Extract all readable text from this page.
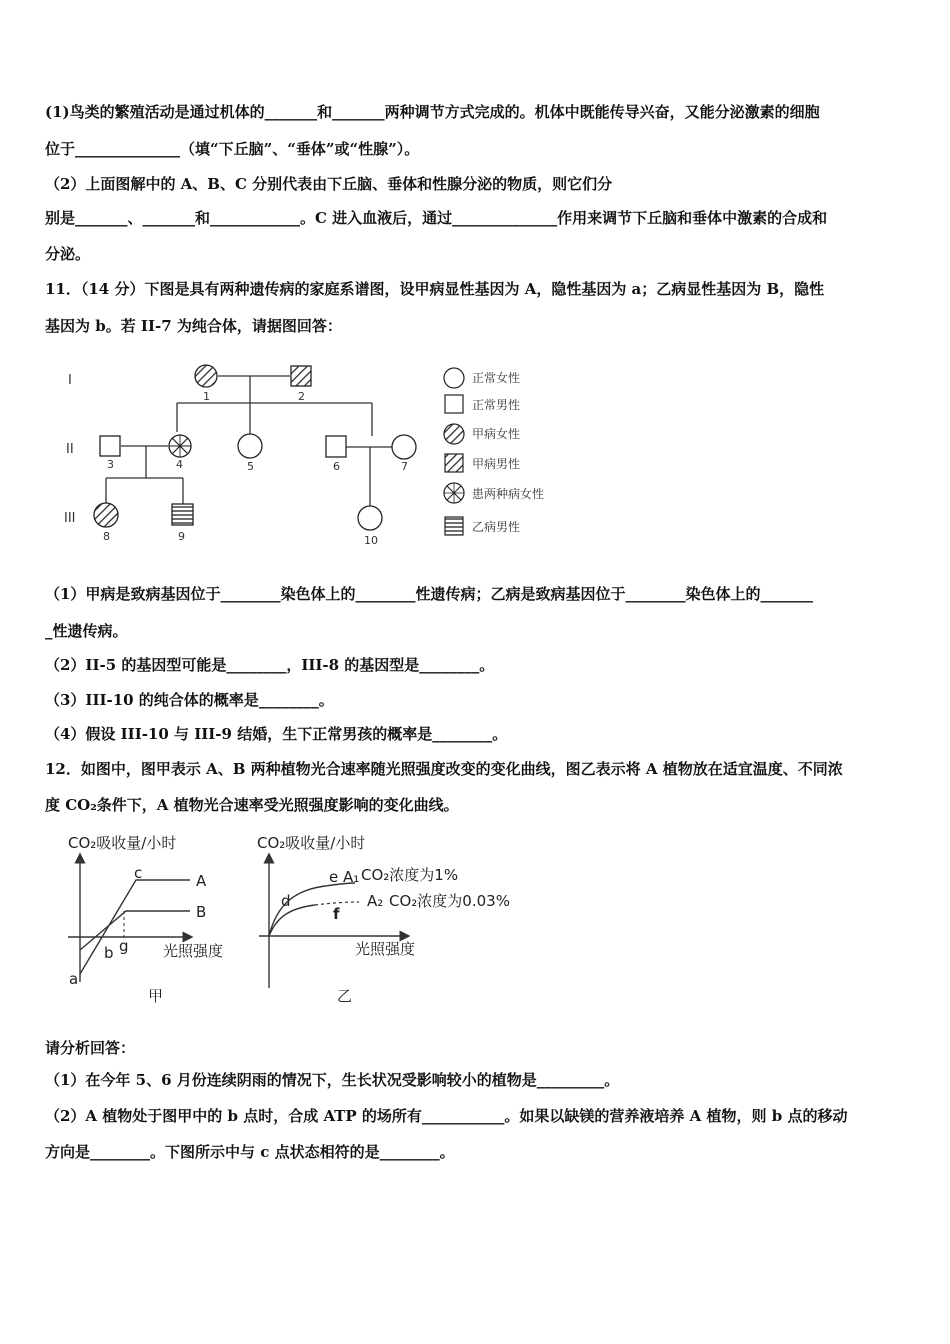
(1)鸟类的繁殖活动是通过机体的_______和_______两种调节方式完成的。机体中既能传导兴奋，又能分泌激素的细胞
位于______________（填“下丘脑”、“垂体”或“性腺”）。
（2）上面图解中的 A、B、C 分别代表由下丘脑、垂体和性腺分泌的物质，则它们分
别是_______、_______和____________。C 进入血液后，通过______________作用来调节下丘脑和垂体中激素的合成和
分泌。
11．（14 分）下图是具有两种遗传病的家庭系谱图，设甲病显性基因为 A，隐性基因为 a；乙病显性基因为 B，隐性
基因为 b。若 II-7 为纯合体，请据图回答：
I
II
III
1	2
3	4	5	6	7
8	9	10
正常女性
正常男性
甲病女性
甲病男性
患两种病女性
乙病男性
（1）甲病是致病基因位于________染色体上的________性遗传病；乙病是致病基因位于________染色体上的_______
_性遗传病。
（2）II-5 的基因型可能是________，III-8 的基因型是________。
（3）III-10 的纯合体的概率是________。
（4）假设 III-10 与 III-9 结婚，生下正常男孩的概率是________。
12．如图中，图甲表示 A、B 两种植物光合速率随光照强度改变的变化曲线，图乙表示将 A 植物放在适宜温度、不同浓
度 CO₂条件下，A 植物光合速率受光照强度影响的变化曲线。
CO₂吸收量/小时
A
B
c
g
b
a
光照强度
甲
CO₂吸收量/小时
d
e
f
A₁ CO₂浓度为1%
A₂ CO₂浓度为0.03%
光照强度
乙
请分析回答：
（1）在今年 5、6 月份连续阴雨的情况下，生长状况受影响较小的植物是_________。
（2）A 植物处于图甲中的 b 点时，合成 ATP 的场所有___________。如果以缺镁的营养液培养 A 植物，则 b 点的移动
方向是________。下图所示中与 c 点状态相符的是________。
